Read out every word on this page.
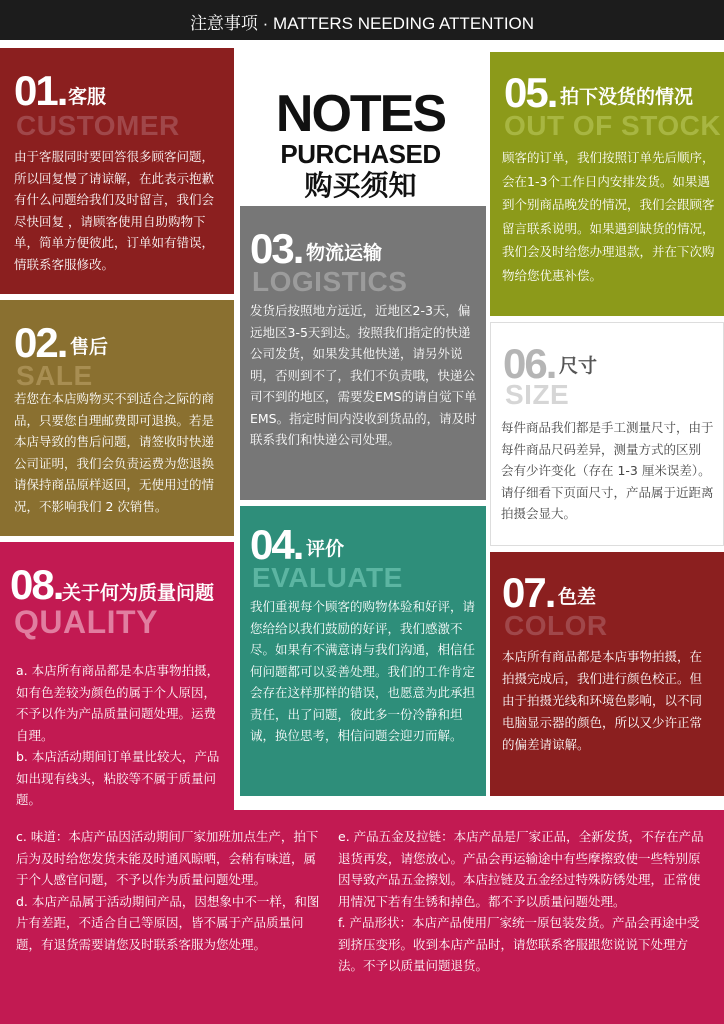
注意事项 · MATTERS NEEDING ATTENTION
01. 客服
CUSTOMER
由于客服同时要回答很多顾客问题，所以回复慢了请谅解，在此表示抱歉 有什么问题给我们及时留言，我们会尽快回复 ，请顾客使用自助购物下单，简单方便彼此，订单如有错误，情联系客服修改。
02. 售后
SALE
若您在本店购物买不到适合之际的商品，只要您自理邮费即可退换。若是本店导致的售后问题，请签收时快递公司证明，我们会负责运费为您退换请保持商品原样返回，无使用过的情况，不影响我们 2 次销售。
NOTES
PURCHASED
购买须知
03. 物流运输
LOGISTICS
发货后按照地方远近，近地区2-3天，偏远地区3-5天到达。按照我们指定的快递公司发货，如果发其他快递，请另外说明，否则到不了，我们不负责哦，快递公司不到的地区，需要发EMS的请自觉下单EMS。指定时间内没收到货品的，请及时联系我们和快递公司处理。
04. 评价
EVALUATE
我们重视每个顾客的购物体验和好评，请您给给以我们鼓励的好评，我们感激不尽。如果有不满意请与我们沟通，相信任何问题都可以妥善处理。我们的工作肯定会存在这样那样的错误，也愿意为此承担责任，出了问题，彼此多一份冷静和坦诚，换位思考，相信问题会迎刃而解。
05. 拍下没货的情况
OUT OF STOCK
顾客的订单，我们按照订单先后顺序，会在1-3个工作日内安排发货。如果遇到个别商品晚发的情况，我们会跟顾客留言联系说明。如果遇到缺货的情况，我们会及时给您办理退款，并在下次购物给您优惠补偿。
06. 尺寸
SIZE
每件商品我们都是手工测量尺寸，由于每件商品尺码差异，测量方式的区别 会有少许变化（存在 1-3 厘米误差）。请仔细看下页面尺寸，产品属于近距离拍摄会显大。
07. 色差
COLOR
本店所有商品都是本店事物拍摄，在拍摄完成后，我们进行颜色校正。但由于拍摄光线和环境色影响，以不同电脑显示器的颜色，所以又少许正常的偏差请谅解。
08. 关于何为质量问题
QUALITY
a. 本店所有商品都是本店事物拍摄，如有色差较为颜色的属于个人原因，不予以作为产品质量问题处理。运费自理。
b. 本店活动期间订单量比较大，产品如出现有线头，粘胶等不属于质量问题。
c. 味道：本店产品因活动期间厂家加班加点生产，拍下后为及时给您发货未能及时通风晾晒，会稍有味道，属于个人感官问题，不予以作为质量问题处理。
d. 本店产品属于活动期间产品，因想象中不一样，和图片有差距，不适合自己等原因，皆不属于产品质量问题，有退货需要请您及时联系客服为您处理。
e. 产品五金及拉链：本店产品是厂家正品，全新发货，不存在产品退货再发，请您放心。产品会再运输途中有些摩擦致使一些特别原因导致产品五金擦划。本店拉链及五金经过特殊防锈处理，正常使用情况下若有生锈和掉色。都不予以质量问题处理。
f. 产品形状：本店产品使用厂家统一原包装发货。产品会再途中受到挤压变形。收到本店产品时，请您联系客服跟您说说下处理方法。不予以质量问题退货。
